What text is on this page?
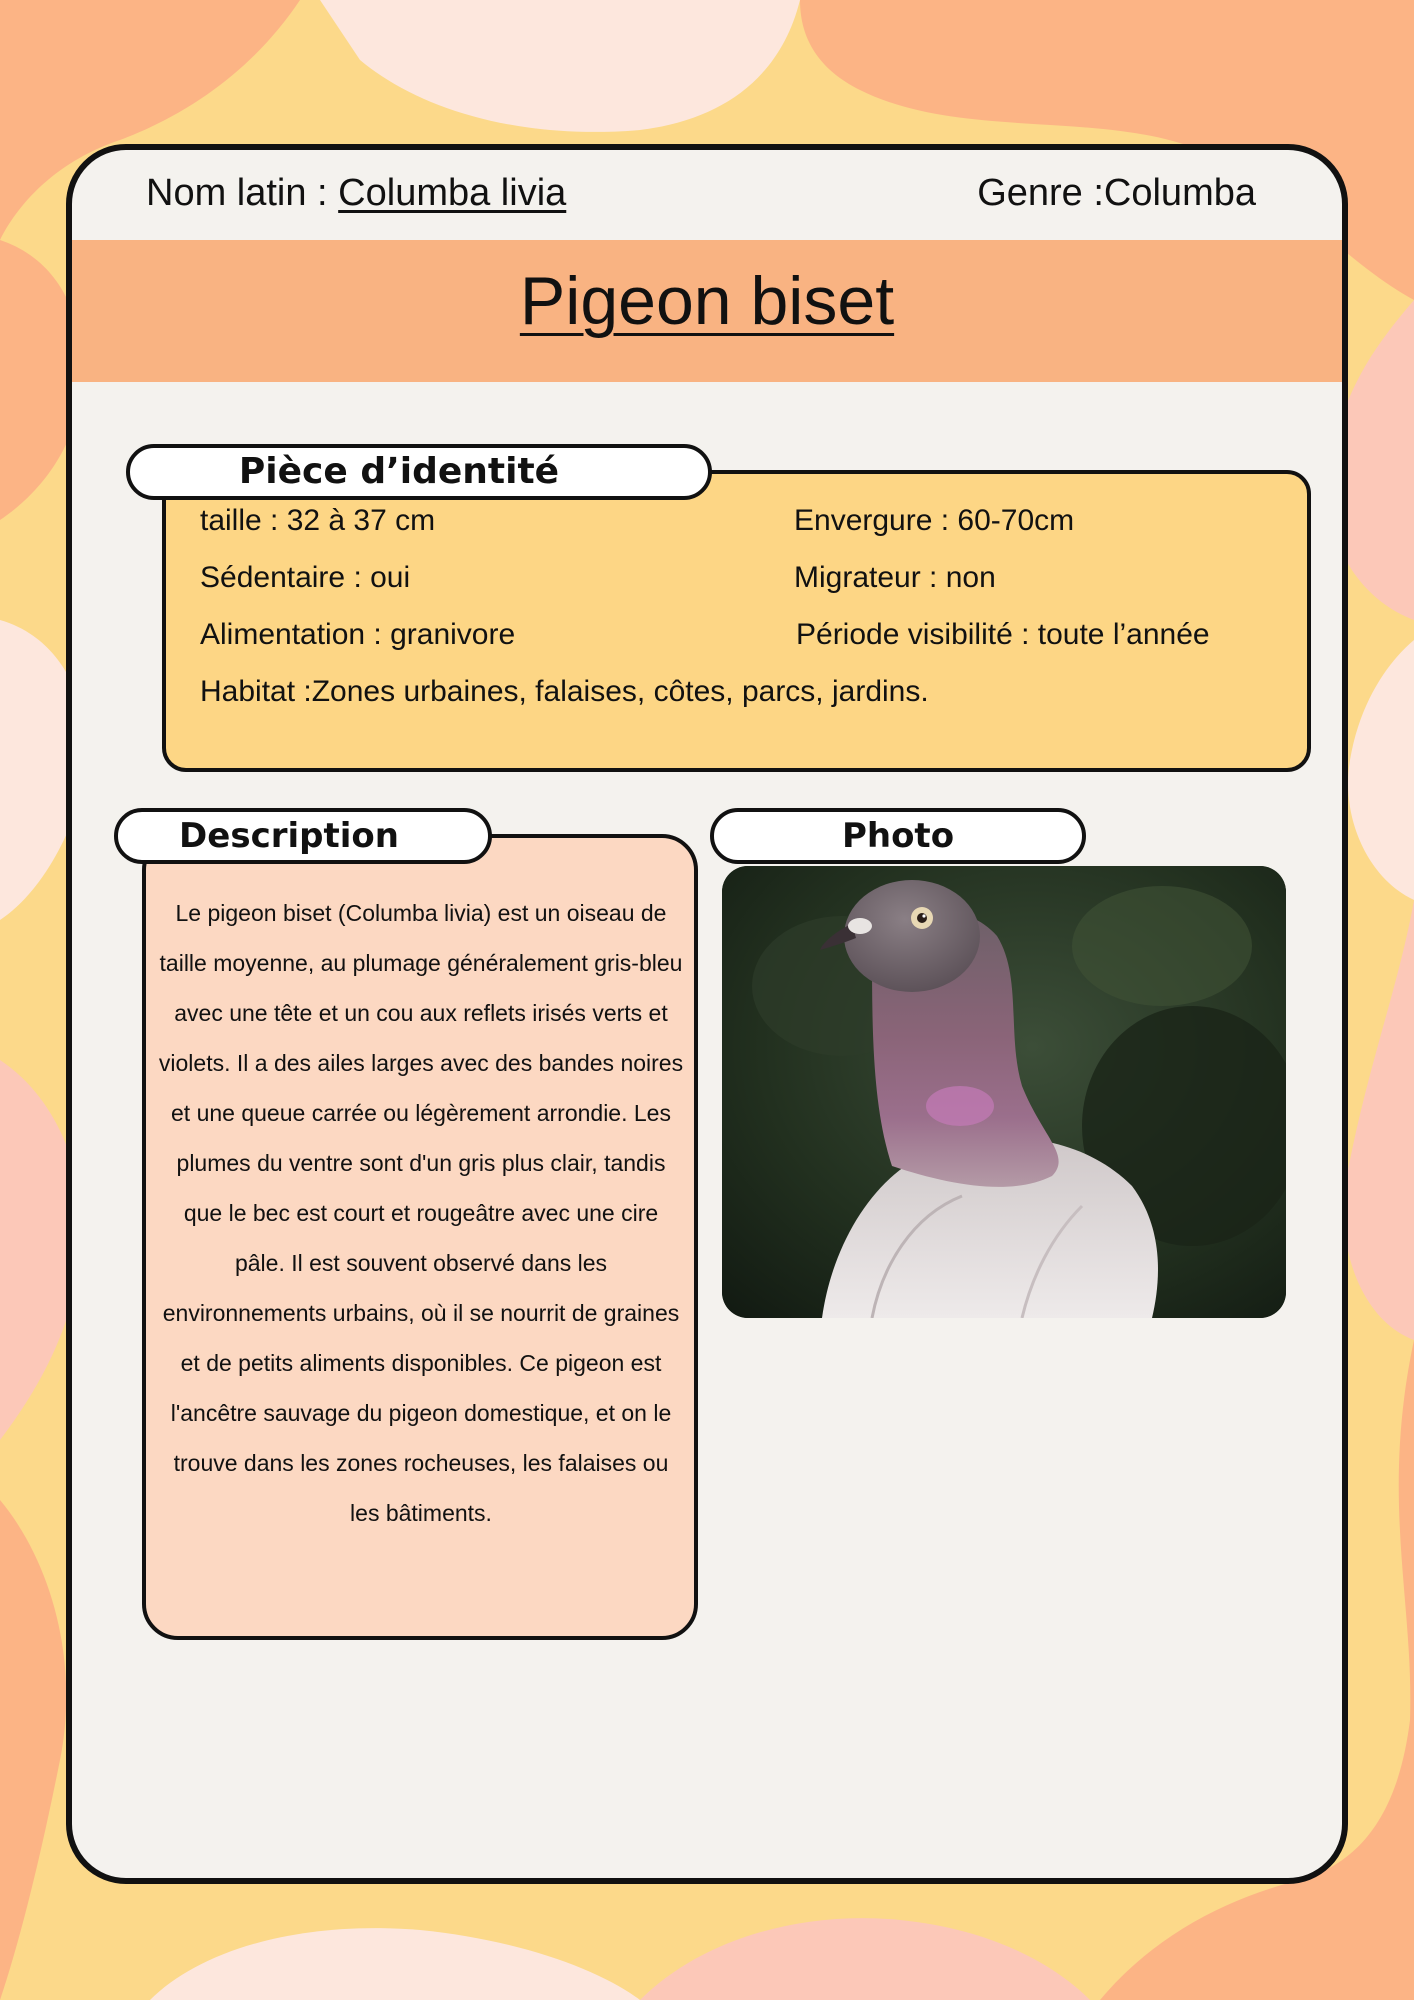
Nom latin : Columba livia	Genre :Columba
Pigeon biset
taille : 32 à 37 cm	Envergure : 60-70cm
Sédentaire : oui	Migrateur : non
Alimentation : granivore	Période visibilité : toute l’année
Habitat :Zones urbaines, falaises, côtes, parcs, jardins.
Pièce d’identité
Le pigeon biset (Columba livia) est un oiseau de taille moyenne, au plumage généralement gris-bleu avec une tête et un cou aux reflets irisés verts et violets. Il a des ailes larges avec des bandes noires et une queue carrée ou légèrement arrondie. Les plumes du ventre sont d'un gris plus clair, tandis que le bec est court et rougeâtre avec une cire pâle. Il est souvent observé dans les environnements urbains, où il se nourrit de graines et de petits aliments disponibles. Ce pigeon est l'ancêtre sauvage du pigeon domestique, et on le trouve dans les zones rocheuses, les falaises ou les bâtiments.
Description	Photo
